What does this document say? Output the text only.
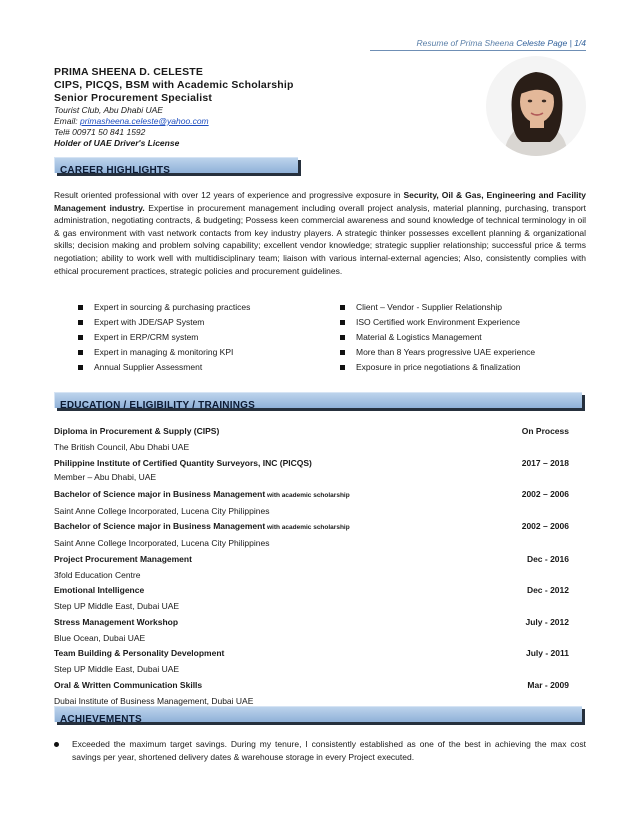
Resume of Prima Sheena Celeste Page | 1/4
PRIMA SHEENA D. CELESTE
CIPS, PICQS, BSM with Academic Scholarship
Senior Procurement Specialist
Tourist Club, Abu Dhabi UAE
Email: primasheena.celeste@yahoo.com
Tel# 00971 50 841 1592
Holder of UAE Driver's License
CAREER HIGHLIGHTS
Result oriented professional with over 12 years of experience and progressive exposure in Security, Oil & Gas, Engineering and Facility Management industry. Expertise in procurement management including overall project analysis, material planning, purchasing, transport administration, negotiating contracts, & budgeting; Possess keen commercial awareness and sound knowledge of technical terminology in oil & gas environment with vast network contacts from key industry players. A strategic thinker possesses excellent planning & organizational skills; decision making and problem solving capability; excellent vendor knowledge; strategic supplier relationship; successful price & terms negotiation; ability to work well with multidisciplinary team; liaison with various internal-external agencies; Also, consistently complies with ethical procurement practices, strategic policies and procurement guidelines.
Expert in sourcing & purchasing practices
Expert with JDE/SAP System
Expert in ERP/CRM system
Expert in managing & monitoring KPI
Annual Supplier Assessment
Client – Vendor - Supplier Relationship
ISO Certified work Environment Experience
Material & Logistics Management
More than 8 Years progressive UAE experience
Exposure in price negotiations & finalization
EDUCATION / ELIGIBILITY / TRAININGS
Diploma in Procurement & Supply (CIPS)	On Process
The British Council, Abu Dhabi UAE
Philippine Institute of Certified Quantity Surveyors, INC (PICQS)	2017 – 2018
Member – Abu Dhabi, UAE
Bachelor of Science major in Business Management with academic scholarship	2002 – 2006
Saint Anne College Incorporated, Lucena City Philippines
Bachelor of Science major in Business Management with academic scholarship	2002 – 2006
Saint Anne College Incorporated, Lucena City Philippines
Project Procurement Management	Dec - 2016
3fold Education Centre
Emotional Intelligence	Dec - 2012
Step UP Middle East, Dubai UAE
Stress Management Workshop	July - 2012
Blue Ocean, Dubai UAE
Team Building & Personality Development	July - 2011
Step UP Middle East, Dubai UAE
Oral & Written Communication Skills	Mar - 2009
Dubai Institute of Business Management, Dubai UAE
ACHIEVEMENTS
Exceeded the maximum target savings. During my tenure, I consistently established as one of the best in achieving the max cost savings per year, shortened delivery dates & warehouse storage in every Project executed.
